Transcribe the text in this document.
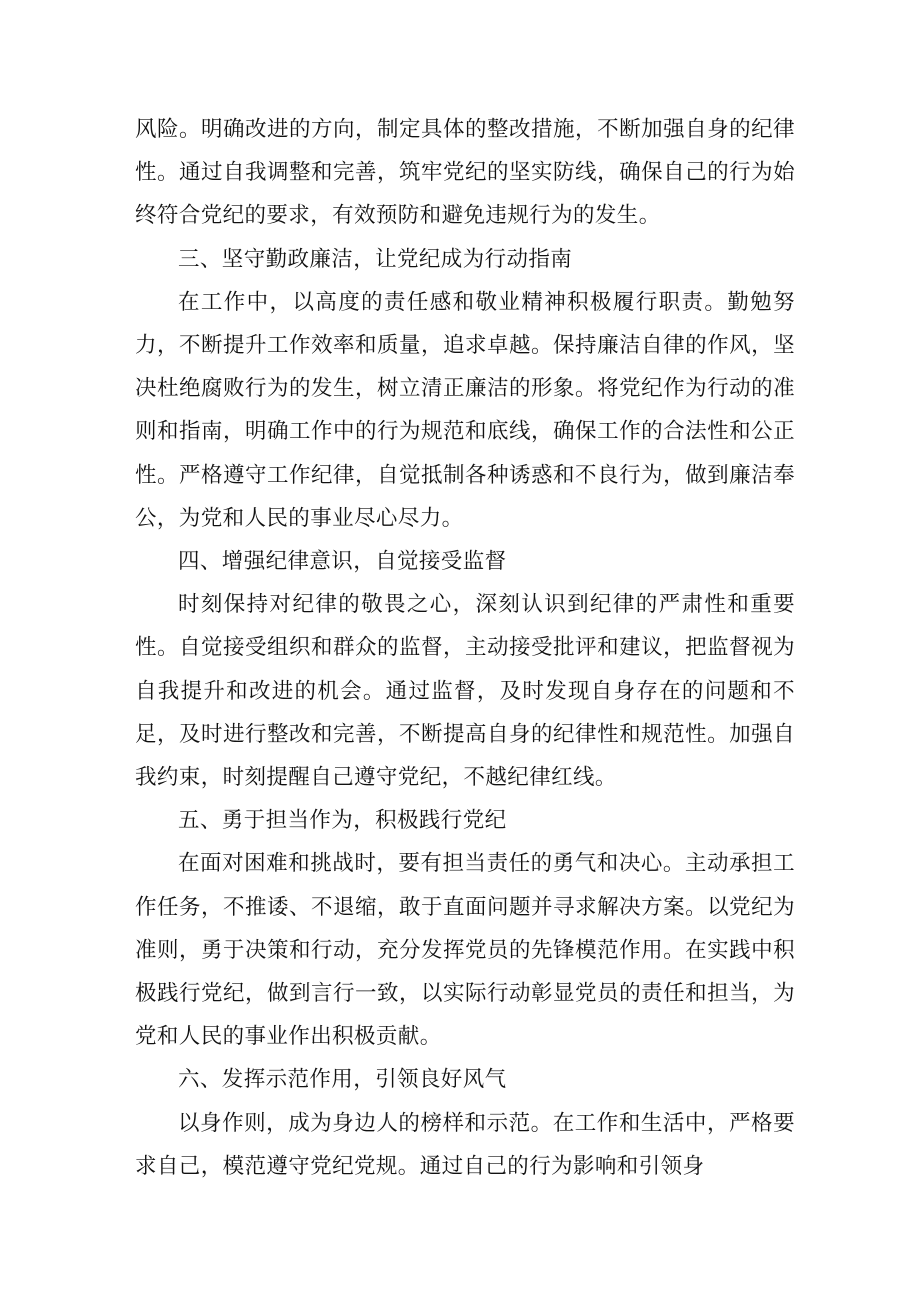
风险。明确改进的方向，制定具体的整改措施，不断加强自身的纪律性。通过自我调整和完善，筑牢党纪的坚实防线，确保自己的行为始终符合党纪的要求，有效预防和避免违规行为的发生。

三、坚守勤政廉洁，让党纪成为行动指南

在工作中，以高度的责任感和敬业精神积极履行职责。勤勉努力，不断提升工作效率和质量，追求卓越。保持廉洁自律的作风，坚决杜绝腐败行为的发生，树立清正廉洁的形象。将党纪作为行动的准则和指南，明确工作中的行为规范和底线，确保工作的合法性和公正性。严格遵守工作纪律，自觉抵制各种诱惑和不良行为，做到廉洁奉公，为党和人民的事业尽心尽力。

四、增强纪律意识，自觉接受监督

时刻保持对纪律的敬畏之心，深刻认识到纪律的严肃性和重要性。自觉接受组织和群众的监督，主动接受批评和建议，把监督视为自我提升和改进的机会。通过监督，及时发现自身存在的问题和不足，及时进行整改和完善，不断提高自身的纪律性和规范性。加强自我约束，时刻提醒自己遵守党纪，不越纪律红线。

五、勇于担当作为，积极践行党纪

在面对困难和挑战时，要有担当责任的勇气和决心。主动承担工作任务，不推诿、不退缩，敢于直面问题并寻求解决方案。以党纪为准则，勇于决策和行动，充分发挥党员的先锋模范作用。在实践中积极践行党纪，做到言行一致，以实际行动彰显党员的责任和担当，为党和人民的事业作出积极贡献。

六、发挥示范作用，引领良好风气

以身作则，成为身边人的榜样和示范。在工作和生活中，严格要求自己，模范遵守党纪党规。通过自己的行为影响和引领身
